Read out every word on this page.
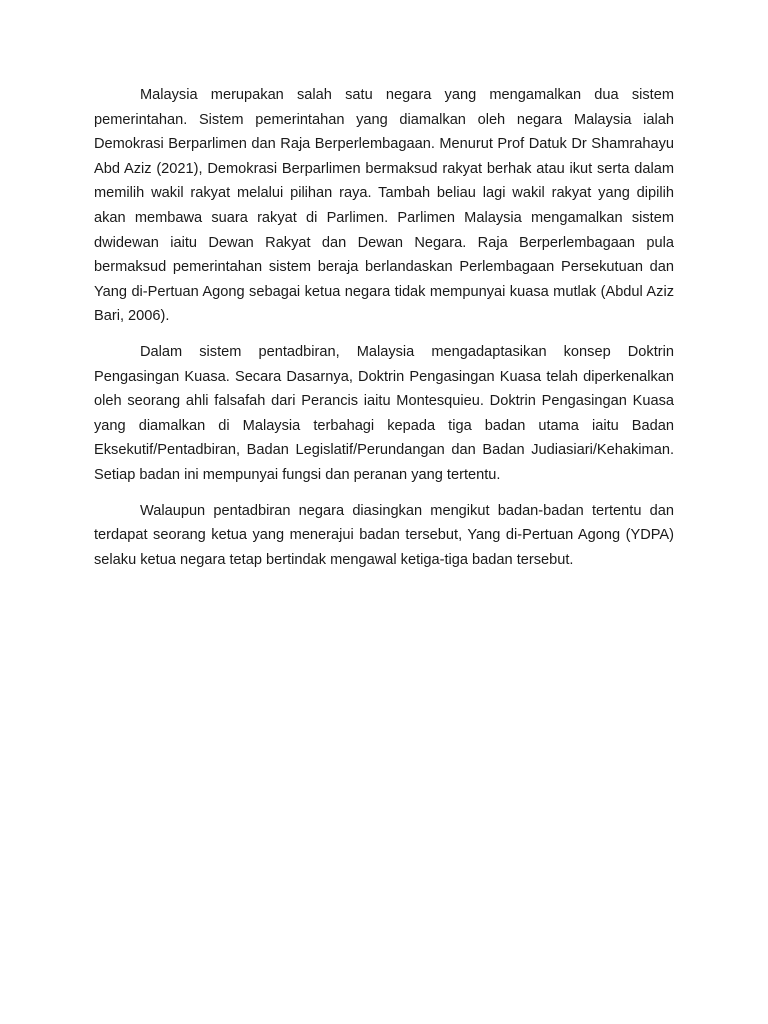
Malaysia merupakan salah satu negara yang mengamalkan dua sistem pemerintahan. Sistem pemerintahan yang diamalkan oleh negara Malaysia ialah Demokrasi Berparlimen dan Raja Berperlembagaan. Menurut Prof Datuk Dr Shamrahayu Abd Aziz (2021), Demokrasi Berparlimen bermaksud rakyat berhak atau ikut serta dalam memilih wakil rakyat melalui pilihan raya. Tambah beliau lagi wakil rakyat yang dipilih akan membawa suara rakyat di Parlimen. Parlimen Malaysia mengamalkan sistem dwidewan iaitu Dewan Rakyat dan Dewan Negara. Raja Berperlembagaan pula bermaksud pemerintahan sistem beraja berlandaskan Perlembagaan Persekutuan dan Yang di-Pertuan Agong sebagai ketua negara tidak mempunyai kuasa mutlak (Abdul Aziz Bari, 2006).

Dalam sistem pentadbiran, Malaysia mengadaptasikan konsep Doktrin Pengasingan Kuasa. Secara Dasarnya, Doktrin Pengasingan Kuasa telah diperkenalkan oleh seorang ahli falsafah dari Perancis iaitu Montesquieu. Doktrin Pengasingan Kuasa yang diamalkan di Malaysia terbahagi kepada tiga badan utama iaitu Badan Eksekutif/Pentadbiran, Badan Legislatif/Perundangan dan Badan Judiasiari/Kehakiman. Setiap badan ini mempunyai fungsi dan peranan yang tertentu.

Walaupun pentadbiran negara diasingkan mengikut badan-badan tertentu dan terdapat seorang ketua yang menerajui badan tersebut, Yang di-Pertuan Agong (YDPA) selaku ketua negara tetap bertindak mengawal ketiga-tiga badan tersebut.
